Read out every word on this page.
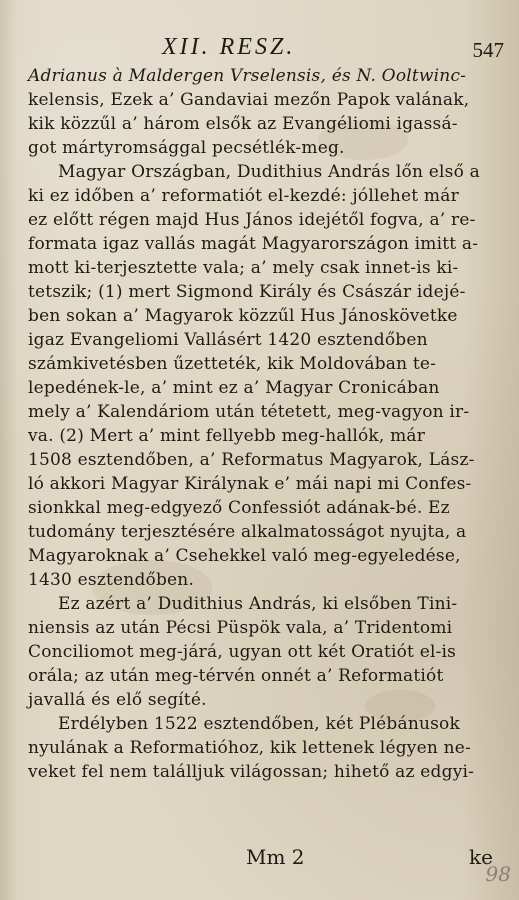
XII. RESZ.	547
Adrianus à Maldergen Vrselensis, és N. Ooltwinc-
kelensis, Ezek a’ Gandaviai mezőn Papok valának,
kik közzűl a’ három elsők az Evangéliomi igassá-
got mártyromsággal pecsétlék-meg.
Magyar Országban, Dudithius András lőn első a
ki ez időben a’ reformatiót el-kezdé: jóllehet már
ez előtt régen majd Hus János idejétől fogva, a’ re-
formata igaz vallás magát Magyarországon imitt a-
mott ki-terjesztette vala; a’ mely csak innet-is ki-
tetszik; (1) mert Sigmond Király és Császár idejé-
ben sokan a’ Magyarok közzűl Hus Jánoskövetke
igaz Evangeliomi Vallásért 1420 esztendőben
számkivetésben űzetteték, kik Moldovában te-
lepedének-le, a’ mint ez a’ Magyar Cronicában
mely a’ Kalendáriom után tétetett, meg-vagyon ir-
va. (2) Mert a’ mint fellyebb meg-hallók, már
1508 esztendőben, a’ Reformatus Magyarok, Lász-
ló akkori Magyar Királynak e’ mái napi mi Confes-
sionkkal meg-edgyező Confessiót adának-bé. Ez
tudomány terjesztésére alkalmatosságot nyujta, a
Magyaroknak a’ Csehekkel való meg-egyeledése,
1430 esztendőben.
Ez azért a’ Dudithius András, ki elsőben Tini-
niensis az után Pécsi Püspök vala, a’ Tridentomi
Conciliomot meg-járá, ugyan ott két Oratiót el-is
orála; az után meg-térvén onnét a’ Reformatiót
javallá és elő segíté.
Erdélyben 1522 esztendőben, két Plébánusok
nyulának a Reformatióhoz, kik lettenek légyen ne-
veket fel nem találljuk világossan; hihető az edgyi-
Mm 2	ke
98
